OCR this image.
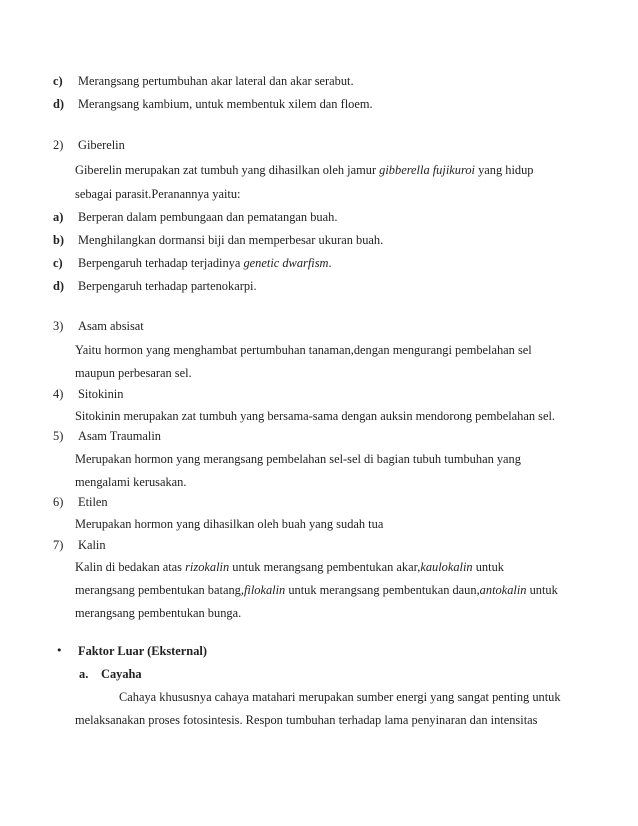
c) Merangsang pertumbuhan akar lateral dan akar serabut.
d) Merangsang kambium, untuk membentuk xilem dan floem.
2) Giberelin
Giberelin merupakan zat tumbuh yang dihasilkan oleh jamur gibberella fujikuroi yang hidup
sebagai parasit.Peranannya yaitu:
a) Berperan dalam pembungaan dan pematangan buah.
b) Menghilangkan dormansi biji dan memperbesar ukuran buah.
c) Berpengaruh terhadap terjadinya genetic dwarfism.
d) Berpengaruh terhadap partenokarpi.
3) Asam absisat
Yaitu hormon yang menghambat pertumbuhan tanaman,dengan mengurangi pembelahan sel
maupun perbesaran sel.
4) Sitokinin
Sitokinin merupakan zat tumbuh yang bersama-sama dengan auksin mendorong pembelahan sel.
5) Asam Traumalin
Merupakan hormon yang merangsang pembelahan sel-sel di bagian tubuh tumbuhan yang
mengalami kerusakan.
6) Etilen
Merupakan hormon yang dihasilkan oleh buah yang sudah tua
7) Kalin
Kalin di bedakan atas rizokalin untuk merangsang pembentukan akar,kaulokalin untuk
merangsang pembentukan batang,filokalin untuk merangsang pembentukan daun,antokalin untuk
merangsang pembentukan bunga.
• Faktor Luar (Eksternal)
a. Cayaha
Cahaya khususnya cahaya matahari merupakan sumber energi yang sangat penting untuk
melaksanakan proses fotosintesis. Respon tumbuhan terhadap lama penyinaran dan intensitas
